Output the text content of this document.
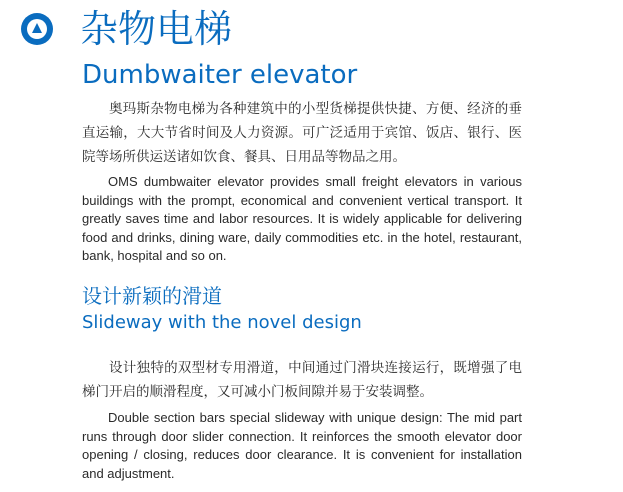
杂物电梯
Dumbwaiter elevator

奥玛斯杂物电梯为各种建筑中的小型货梯提供快捷、方便、经济的垂直运输，大大节省时间及人力资源。可广泛适用于宾馆、饭店、银行、医院等场所供运送诸如饮食、餐具、日用品等物品之用。

OMS dumbwaiter elevator provides small freight elevators in various buildings with the prompt, economical and convenient vertical transport. It greatly saves time and labor resources. It is widely applicable for delivering food and drinks, dining ware, daily commodities etc. in the hotel, restaurant, bank, hospital and so on.

设计新颖的滑道
Slideway with the novel design

设计独特的双型材专用滑道，中间通过门滑块连接运行，既增强了电梯门开启的顺滑程度，又可减小门板间隙并易于安装调整。

Double section bars special slideway with unique design: The mid part runs through door slider connection. It reinforces the smooth elevator door opening / closing, reduces door clearance. It is convenient for installation and adjustment.
